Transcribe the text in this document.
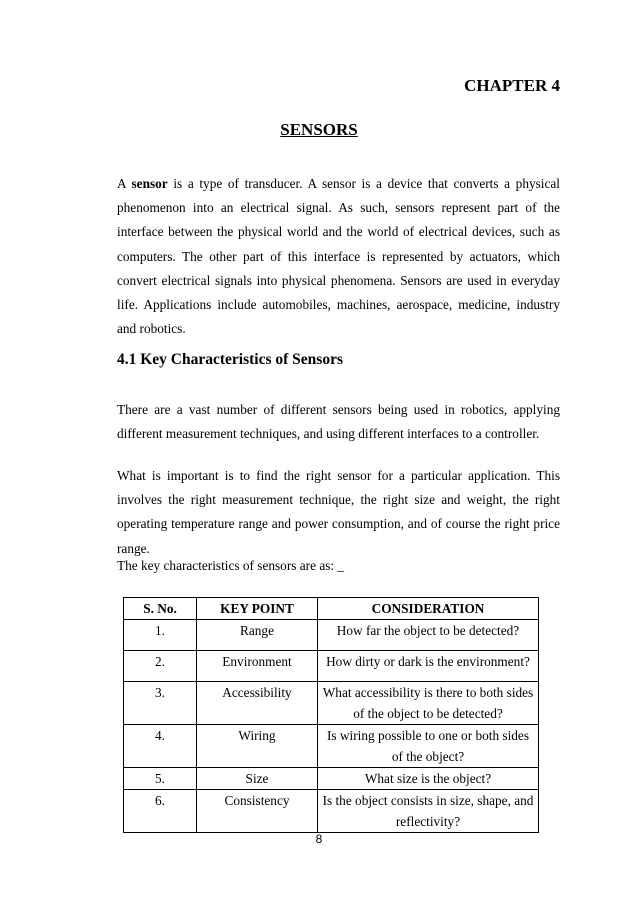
CHAPTER 4
SENSORS

A sensor is a type of transducer. A sensor is a device that converts a physical phenomenon into an electrical signal. As such, sensors represent part of the interface between the physical world and the world of electrical devices, such as computers. The other part of this interface is represented by actuators, which convert electrical signals into physical phenomena. Sensors are used in everyday life. Applications include automobiles, machines, aerospace, medicine, industry and robotics.

4.1 Key Characteristics of Sensors

There are a vast number of different sensors being used in robotics, applying different measurement techniques, and using different interfaces to a controller.

What is important is to find the right sensor for a particular application. This involves the right measurement technique, the right size and weight, the right operating temperature range and power consumption, and of course the right price range.

The key characteristics of sensors are as: _

S. No.	KEY POINT	CONSIDERATION
1.	Range	How far the object to be detected?
2.	Environment	How dirty or dark is the environment?
3.	Accessibility	What accessibility is there to both sides of the object to be detected?
4.	Wiring	Is wiring possible to one or both sides of the object?
5.	Size	What size is the object?
6.	Consistency	Is the object consists in size, shape, and reflectivity?

8
